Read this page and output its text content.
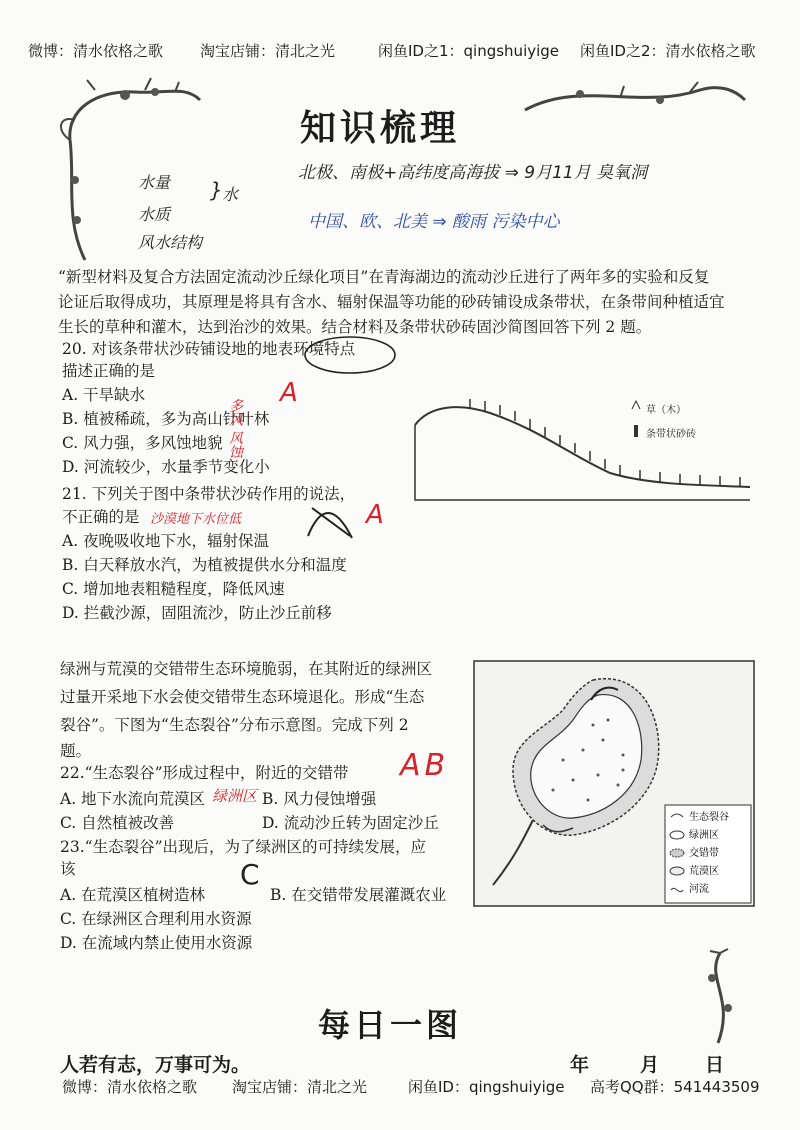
微博：清水依格之歌 淘宝店铺：清北之光	闲鱼ID之1：qingshuiyige 闲鱼ID之2：清水依格之歌
知识梳理
水量
水质
风水结构
} 水
北极、南极+高纬度高海拔 ⇒ 9月11月 臭氧洞
中国、欧、北美 ⇒ 酸雨 污染中心
“新型材料及复合方法固定流动沙丘绿化项目”在青海湖边的流动沙丘进行了两年多的实验和反复
论证后取得成功，其原理是将具有含水、辐射保温等功能的砂砖铺设成条带状，在条带间种植适宜
生长的草种和灌木，达到治沙的效果。结合材料及条带状砂砖固沙简图回答下列 2 题。
20. 对该条带状沙砖铺设地的地表环境特点
描述正确的是
A. 干旱缺水
B. 植被稀疏，多为高山针叶林
C. 风力强，多风蚀地貌
D. 河流较少，水量季节变化小
21. 下列关于图中条带状沙砖作用的说法，
不正确的是
A. 夜晚吸收地下水，辐射保温
B. 白天释放水汽，为植被提供水分和温度
C. 增加地表粗糙程度，降低风速
D. 拦截沙源，固阻流沙，防止沙丘前移
A
多风 风蚀
沙漠地下水位低	A
草（木）
条带状砂砖
绿洲与荒漠的交错带生态环境脆弱，在其附近的绿洲区
过量开采地下水会使交错带生态环境退化。形成“生态
裂谷”。下图为“生态裂谷”分布示意图。完成下列 2
题。
22.“生态裂谷”形成过程中，附近的交错带
A. 地下水流向荒漠区	B. 风力侵蚀增强
C. 自然植被改善	D. 流动沙丘转为固定沙丘
23.“生态裂谷”出现后，为了绿洲区的可持续发展，应
该
A. 在荒漠区植树造林	B. 在交错带发展灌溉农业
C. 在绿洲区合理利用水资源
D. 在流域内禁止使用水资源
绿洲区
AB
C
生态裂谷
绿洲区
交错带
荒漠区
河流
每日一图
人若有志，万事可为。	年	月 日
微博：清水依格之歌 淘宝店铺：清北之光	闲鱼ID：qingshuiyige 高考QQ群：541443509
